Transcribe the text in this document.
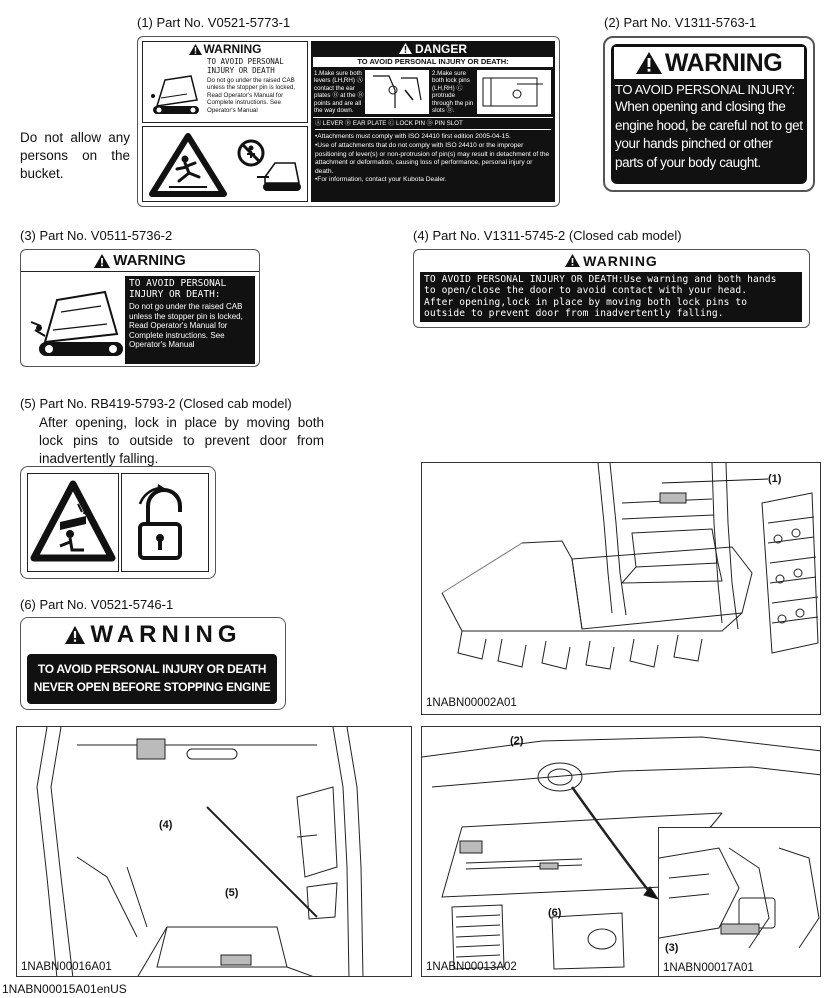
(1) Part No. V0521-5773-1
WARNING
TO AVOID PERSONAL INJURY OR DEATH
Do not go under the raised CAB unless the stopper pin is locked, Read Operator's Manual for Complete instructions. See Operator's Manual
DANGER
TO AVOID PERSONAL INJURY OR DEATH:
1.Make sure both levers (LH,RH) Ⓐ contact the ear plates Ⓑ at the Ⓑ points and are all the way down.
2.Make sure both lock pins (LH,RH) Ⓒ protrude through the pin slots Ⓓ.
Ⓐ LEVER Ⓑ EAR PLATE Ⓒ LOCK PIN Ⓓ PIN SLOT
•Attachments must comply with ISO 24410 first edition 2005-04-15.
•Use of attachments that do not comply with ISO 24410 or the improper positioning of lever(s) or non-protrusion of pin(s) may result in detachment of the attachment or deformation, causing loss of performance, personal injury or death.
•For information, contact your Kubota Dealer.
Do not allow any persons on the bucket.
(2) Part No. V1311-5763-1
WARNING
TO AVOID PERSONAL INJURY:
When opening and closing the engine hood, be careful not to get your hands pinched or other parts of your body caught.
(3) Part No. V0511-5736-2
WARNING
TO AVOID PERSONAL INJURY OR DEATH:
Do not go under the raised CAB unless the stopper pin is locked, Read Operator's Manual for Complete instructions. See Operator's Manual
(4) Part No. V1311-5745-2 (Closed cab model)
WARNING
TO AVOID PERSONAL INJURY OR DEATH:Use warning and both hands
to open/close the door to avoid contact with your head.
After opening,lock in place by moving both lock pins to
outside to prevent door from inadvertently falling.
(5) Part No. RB419-5793-2 (Closed cab model)
After opening, lock in place by moving both lock pins to outside to prevent door from inadvertently falling.
(6) Part No. V0521-5746-1
WARNING
TO AVOID PERSONAL INJURY OR DEATH
NEVER OPEN BEFORE STOPPING ENGINE
(1)
1NABN00002A01
(4)
(5)
1NABN00016A01
(3)
1NABN00017A01
(2)
(6)
1NABN00013A02
1NABN00015A01enUS
